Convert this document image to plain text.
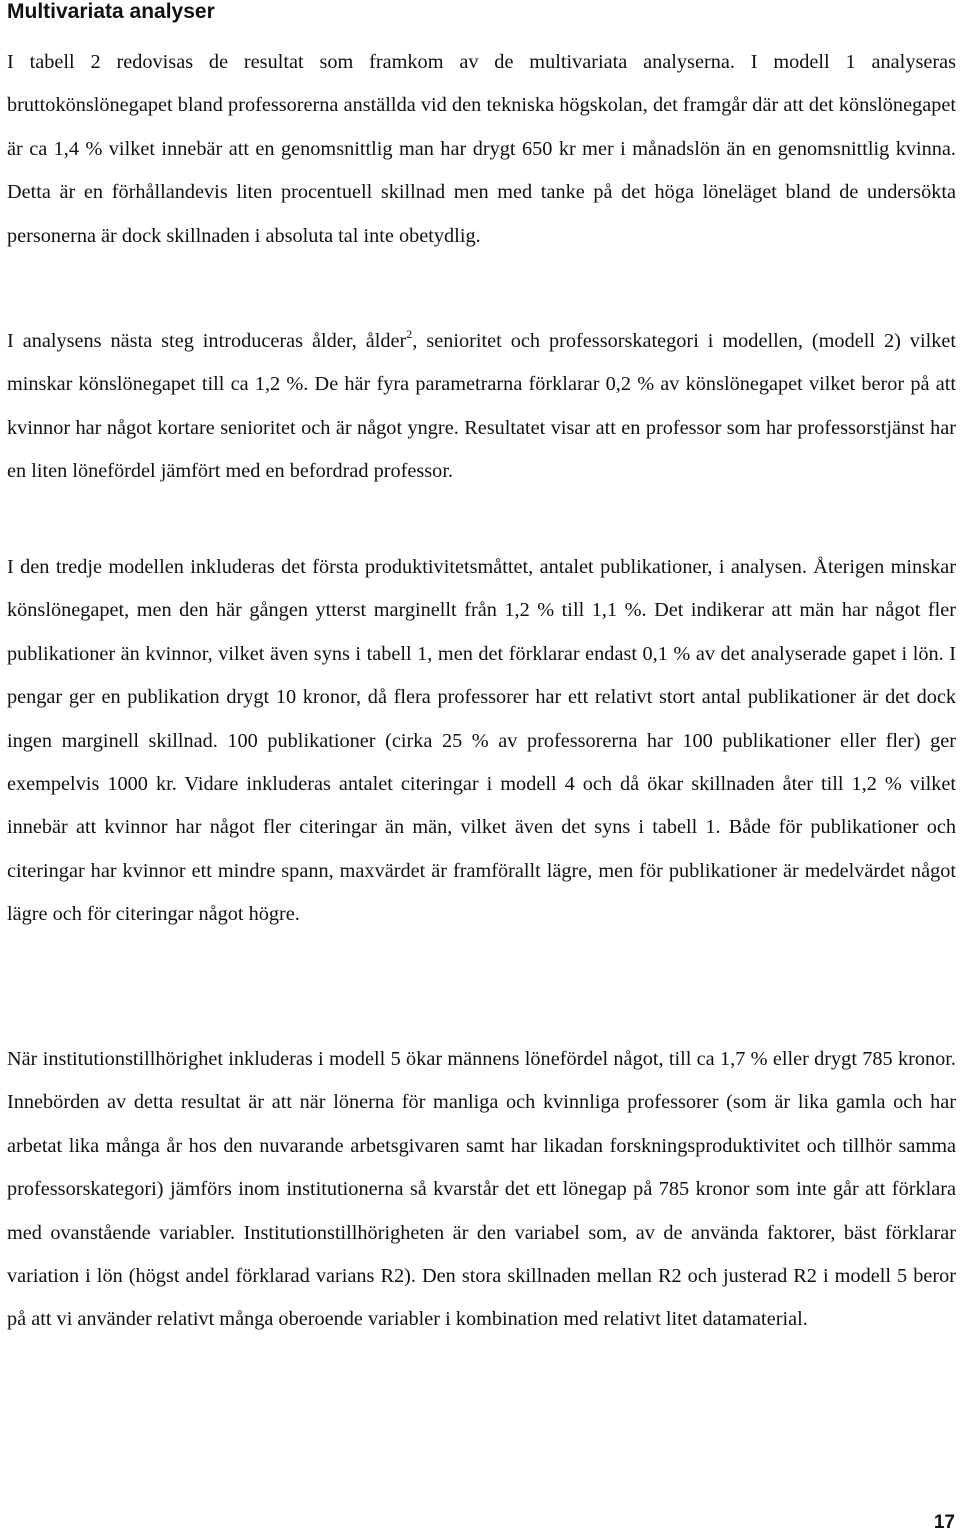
Multivariata analyser

I tabell 2 redovisas de resultat som framkom av de multivariata analyserna. I modell 1 analyseras bruttokönslönegapet bland professorerna anställda vid den tekniska högskolan, det framgår där att det könslönegapet är ca 1,4 % vilket innebär att en genomsnittlig man har drygt 650 kr mer i månadslön än en genomsnittlig kvinna. Detta är en förhållandevis liten procentuell skillnad men med tanke på det höga löneläget bland de undersökta personerna är dock skillnaden i absoluta tal inte obetydlig.

I analysens nästa steg introduceras ålder, ålder$^2$, senioritet och professorskategori i modellen, (modell 2) vilket minskar könslönegapet till ca 1,2 %. De här fyra parametrarna förklarar 0,2 % av könslönegapet vilket beror på att kvinnor har något kortare senioritet och är något yngre. Resultatet visar att en professor som har professorstjänst har en liten lönefördel jämfört med en befordrad professor.

I den tredje modellen inkluderas det första produktivitetsmåttet, antalet publikationer, i analysen. Återigen minskar könslönegapet, men den här gången ytterst marginellt från 1,2 % till 1,1 %. Det indikerar att män har något fler publikationer än kvinnor, vilket även syns i tabell 1, men det förklarar endast 0,1 % av det analyserade gapet i lön. I pengar ger en publikation drygt 10 kronor, då flera professorer har ett relativt stort antal publikationer är det dock ingen marginell skillnad. 100 publikationer (cirka 25 % av professorerna har 100 publikationer eller fler) ger exempelvis 1000 kr. Vidare inkluderas antalet citeringar i modell 4 och då ökar skillnaden åter till 1,2 % vilket innebär att kvinnor har något fler citeringar än män, vilket även det syns i tabell 1. Både för publikationer och citeringar har kvinnor ett mindre spann, maxvärdet är framförallt lägre, men för publikationer är medelvärdet något lägre och för citeringar något högre.

När institutionstillhörighet inkluderas i modell 5 ökar männens lönefördel något, till ca 1,7 % eller drygt 785 kronor. Innebörden av detta resultat är att när lönerna för manliga och kvinnliga professorer (som är lika gamla och har arbetat lika många år hos den nuvarande arbetsgivaren samt har likadan forskningsproduktivitet och tillhör samma professorskategori) jämförs inom institutionerna så kvarstår det ett lönegap på 785 kronor som inte går att förklara med ovanstående variabler. Institutionstillhörigheten är den variabel som, av de använda faktorer, bäst förklarar variation i lön (högst andel förklarad varians R2). Den stora skillnaden mellan R2 och justerad R2 i modell 5 beror på att vi använder relativt många oberoende variabler i kombination med relativt litet datamaterial.

17
